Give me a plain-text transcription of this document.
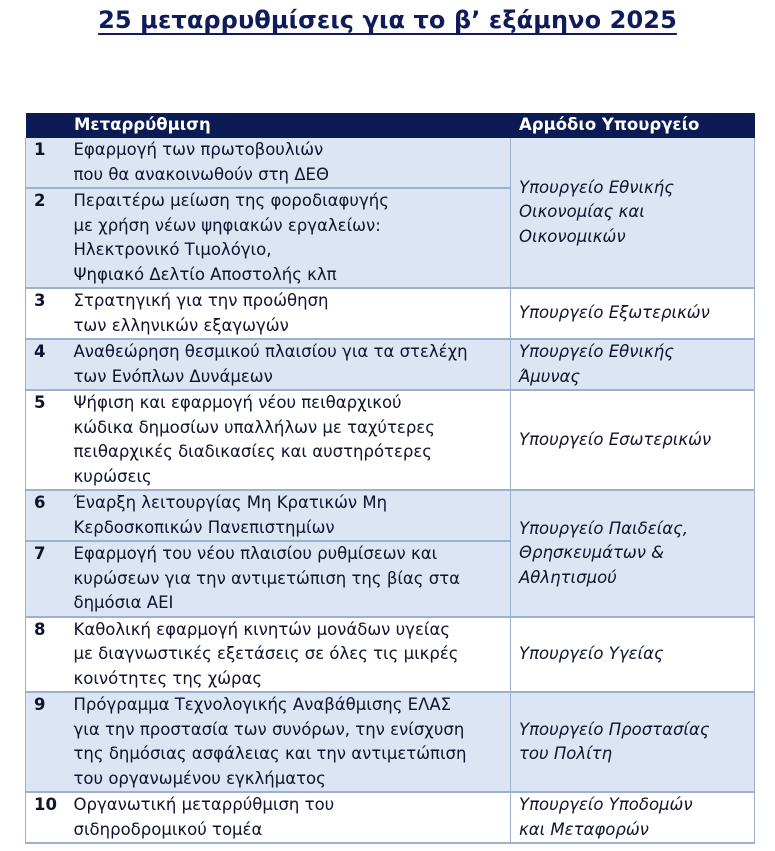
25 μεταρρυθμίσεις για το β’ εξάμηνο 2025
	Μεταρρύθμιση	Αρμόδιο Υπουργείο
1	Εφαρμογή των πρωτοβουλιών
που θα ανακοινωθούν στη ΔΕΘ	Υπουργείο Εθνικής
Οικονομίας και
Οικονομικών

2	Περαιτέρω μείωση της φοροδιαφυγής
με χρήση νέων ψηφιακών εργαλείων:
Ηλεκτρονικό Τιμολόγιο,
Ψηφιακό Δελτίο Αποστολής κλπ	

3	Στρατηγική για την προώθηση
των ελληνικών εξαγωγών	Υπουργείο Εξωτερικών

4	Αναθεώρηση θεσμικού πλαισίου για τα στελέχη
των Ενόπλων Δυνάμεων	Υπουργείο Εθνικής
Άμυνας

5	Ψήφιση και εφαρμογή νέου πειθαρχικού
κώδικα δημοσίων υπαλλήλων με ταχύτερες
πειθαρχικές διαδικασίες και αυστηρότερες
κυρώσεις	Υπουργείο Εσωτερικών

6	Έναρξη λειτουργίας Μη Κρατικών Μη
Κερδοσκοπικών Πανεπιστημίων	Υπουργείο Παιδείας,
Θρησκευμάτων &
Αθλητισμού

7	Εφαρμογή του νέου πλαισίου ρυθμίσεων και
κυρώσεων για την αντιμετώπιση της βίας στα
δημόσια ΑΕΙ	

8	Καθολική εφαρμογή κινητών μονάδων υγείας
με διαγνωστικές εξετάσεις σε όλες τις μικρές
κοινότητες της χώρας	Υπουργείο Υγείας

9	Πρόγραμμα Τεχνολογικής Αναβάθμισης ΕΛΑΣ
για την προστασία των συνόρων, την ενίσχυση
της δημόσιας ασφάλειας και την αντιμετώπιση
του οργανωμένου εγκλήματος	Υπουργείο Προστασίας
του Πολίτη

10	Οργανωτική μεταρρύθμιση του
σιδηροδρομικού τομέα	Υπουργείο Υποδομών
και Μεταφορών
